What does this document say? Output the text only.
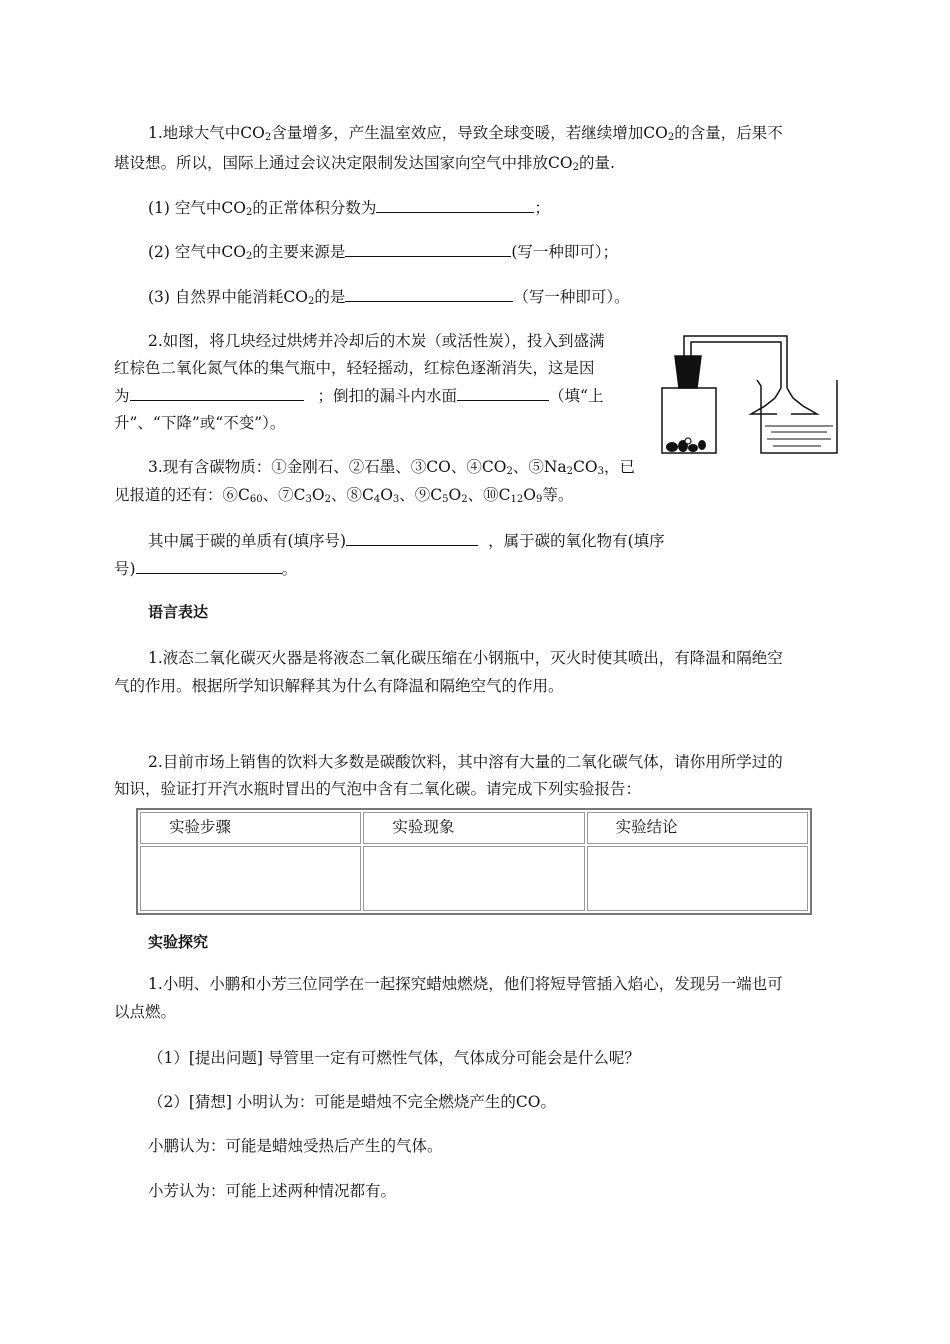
1.地球大气中$CO_2$含量增多，产生温室效应，导致全球变暖，若继续增加$CO_2$的含量，后果不
堪设想。所以，国际上通过会议决定限制发达国家向空气中排放$CO_2$的量.
(1) 空气中$CO_2$的正常体积分数为	；
(2) 空气中$CO_2$的主要来源是	(写一种即可）；
(3) 自然界中能消耗$CO_2$的是	（写一种即可）。
2.如图，将几块经过烘烤并冷却后的木炭（或活性炭），投入到盛满
红棕色二氧化氮气体的集气瓶中，轻轻摇动，红棕色逐渐消失，这是因
为	；倒扣的漏斗内水面	（填“上
升”、“下降”或“不变”）。
3.现有含碳物质：①金刚石、②石墨、③CO、$④CO_2$、$⑤Na_2CO_3$，已
见报道的还有：$⑥C_{60}$、$⑦C_3O_2$、$⑧C_4O_3$、$⑨C_5O_2$、$⑩C_{12}O_9$等。
其中属于碳的单质有(填序号)	，属于碳的氧化物有(填序
号)	。
语言表达
1.液态二氧化碳灭火器是将液态二氧化碳压缩在小钢瓶中，灭火时使其喷出，有降温和隔绝空
气的作用。根据所学知识解释其为什么有降温和隔绝空气的作用。
2.目前市场上销售的饮料大多数是碳酸饮料，其中溶有大量的二氧化碳气体，请你用所学过的
知识，验证打开汽水瓶时冒出的气泡中含有二氧化碳。请完成下列实验报告：
实验步骤	实验现象	实验结论

实验探究
1.小明、小鹏和小芳三位同学在一起探究蜡烛燃烧，他们将短导管插入焰心，发现另一端也可
以点燃。
（1）[提出问题] 导管里一定有可燃性气体，气体成分可能会是什么呢？
（2）[猜想] 小明认为：可能是蜡烛不完全燃烧产生的CO。
小鹏认为：可能是蜡烛受热后产生的气体。
小芳认为：可能上述两种情况都有。
